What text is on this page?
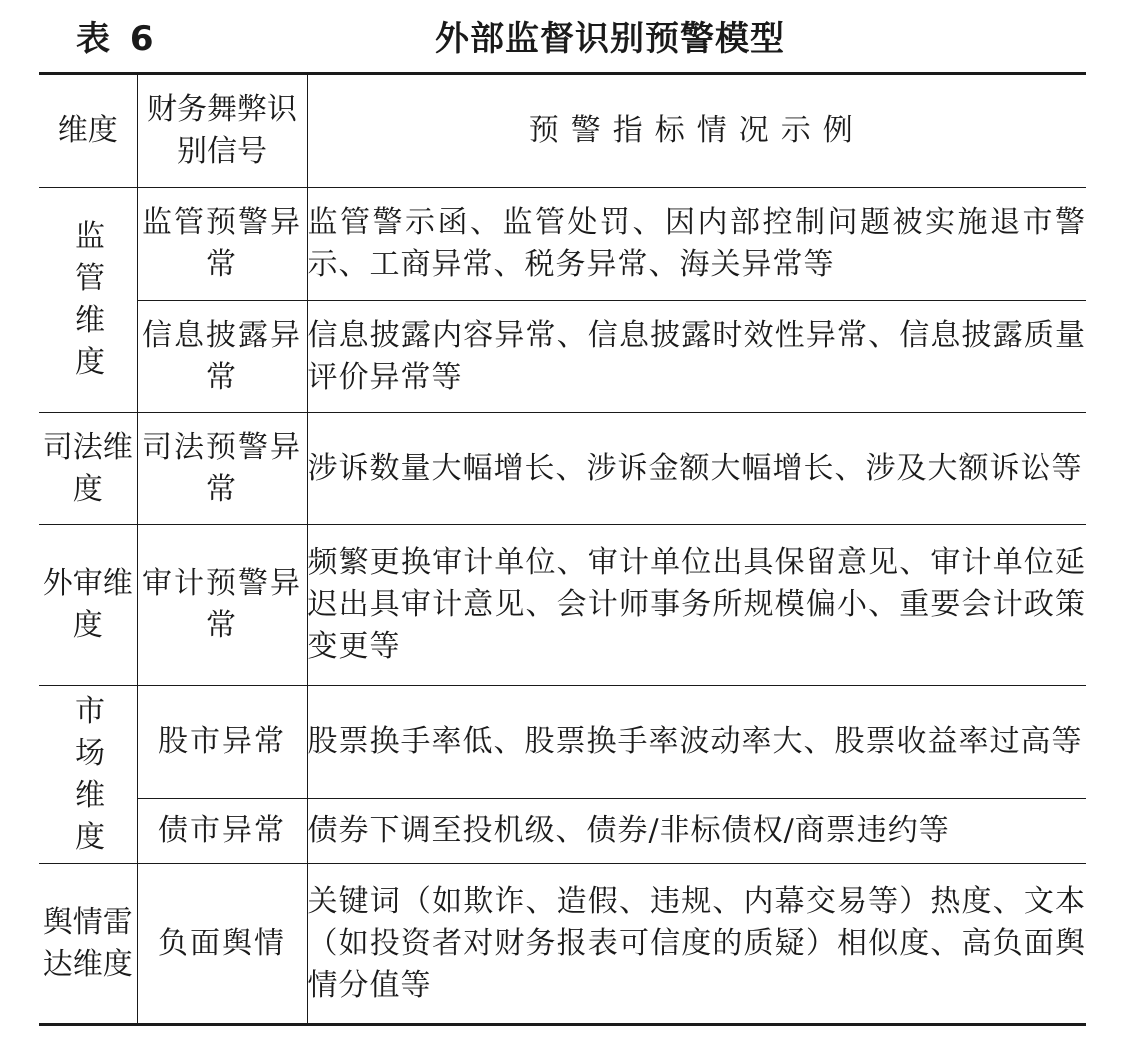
表 6	外部监督识别预警模型
维度	财务舞弊识别信号	预警指标情况示例
监管维度	监管预警异常	监管警示函、监管处罚、因内部控制问题被实施退市警示、工商异常、税务异常、海关异常等
	信息披露异常	信息披露内容异常、信息披露时效性异常、信息披露质量评价异常等
司法维度	司法预警异常	涉诉数量大幅增长、涉诉金额大幅增长、涉及大额诉讼等
外审维度	审计预警异常	频繁更换审计单位、审计单位出具保留意见、审计单位延迟出具审计意见、会计师事务所规模偏小、重要会计政策变更等
市场维度	股市异常	股票换手率低、股票换手率波动率大、股票收益率过高等
	债市异常	债券下调至投机级、债券/非标债权/商票违约等
舆情雷达维度	负面舆情	关键词（如欺诈、造假、违规、内幕交易等）热度、文本（如投资者对财务报表可信度的质疑）相似度、高负面舆情分值等
